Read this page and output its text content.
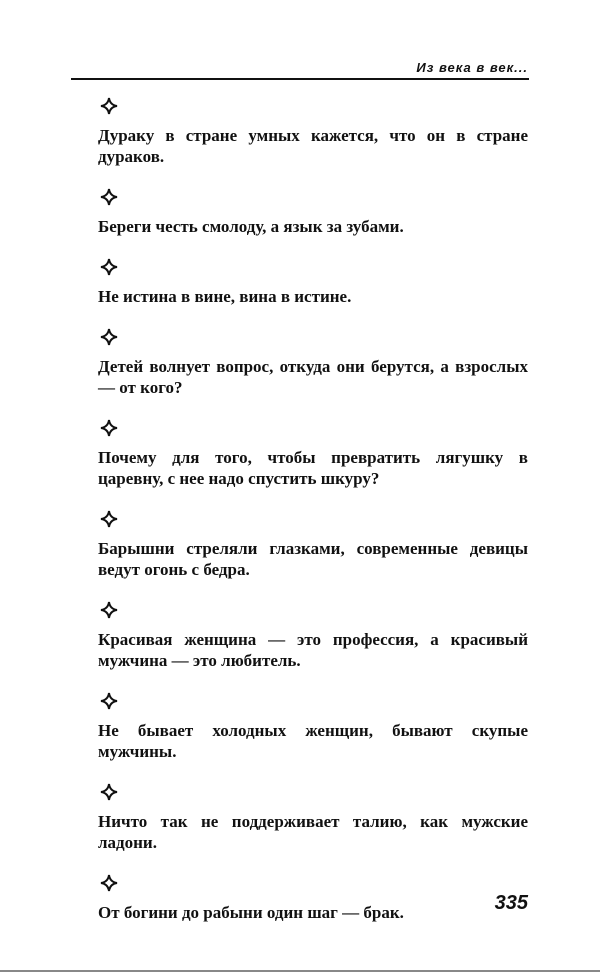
Из века в век...

Дураку в стране умных кажется, что он в стране дураков.

Береги честь смолоду, а язык за зубами.

Не истина в вине, вина в истине.

Детей волнует вопрос, откуда они берутся, а взрослых — от кого?

Почему для того, чтобы превратить лягушку в царевну, с нее надо спустить шкуру?

Барышни стреляли глазками, современные девицы ведут огонь с бедра.

Красивая женщина — это профессия, а красивый мужчина — это любитель.

Не бывает холодных женщин, бывают скупые мужчины.

Ничто так не поддерживает талию, как мужские ладони.

От богини до рабыни один шаг — брак.	335
